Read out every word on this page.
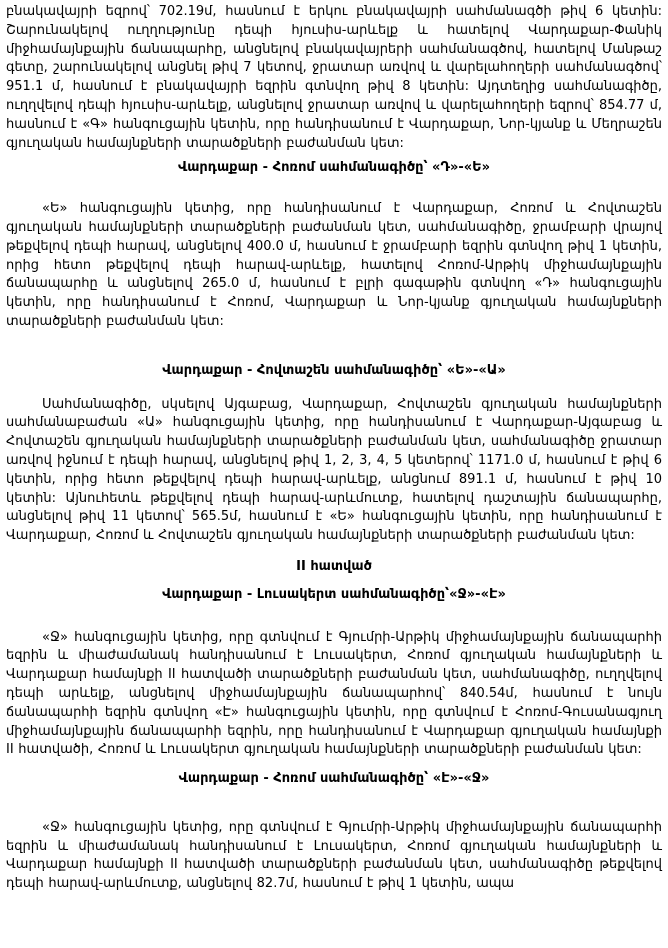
բնակավայրի եզրով՝ 702.19մ, հասնում է երկու բնակավայրի սահմանագծի թիվ 6 կետին: Շարունակելով ուղղությունը դեպի հյուսիս-արևելք և հատելով Վարդաքար-Փանիկ միջհամայնքային ճանապարհը, անցնելով բնակավայրերի սահմանագծով, հատելով Մանթաշ գետը, շարունակելով անցնել թիվ 7 կետով, ջրատար առվով և վարելահողերի սահմանագծով՝ 951.1 մ, հասնում է բնակավայրի եզրին գտնվող թիվ 8 կետին: Այդտեղից սահմանագիծը, ուղղվելով դեպի հյուսիս-արևելք, անցնելով ջրատար առվով և վարելահողերի եզրով՝ 854.77 մ, հասնում է «Գ» հանգուցային կետին, որը հանդիսանում է Վարդաքար, Նոր-կյանք և Մեղրաշեն գյուղական համայնքների տարածքների բաժանման կետ:

Վարդաքար - Հոռոմ սահմանագիծը՝ «Դ»-«Ե»

«Ե» հանգուցային կետից, որը հանդիսանում է Վարդաքար, Հոռոմ և Հովտաշեն գյուղական համայնքների տարածքների բաժանման կետ, սահմանագիծը, ջրամբարի վրայով թեքվելով դեպի հարավ, անցնելով 400.0 մ, հասնում է ջրամբարի եզրին գտնվող թիվ 1 կետին, որից հետո թեքվելով դեպի հարավ-արևելք, հատելով Հոռոմ-Արթիկ միջհամայնքային ճանապարհը և անցնելով 265.0 մ, հասնում է բլրի գագաթին գտնվող «Դ» հանգուցային կետին, որը հանդիսանում է Հոռոմ, Վարդաքար և Նոր-կյանք գյուղական համայնքների տարածքների բաժանման կետ:

Վարդաքար - Հովտաշեն սահմանագիծը՝ «Ե»-«Ա»

Սահմանագիծը, սկսելով Այգաբաց, Վարդաքար, Հովտաշեն գյուղական համայնքների սահմանաբաժան «Ա» հանգուցային կետից, որը հանդիսանում է Վարդաքար-Այգաբաց և Հովտաշեն գյուղական համայնքների տարածքների բաժանման կետ, սահմանագիծը ջրատար առվով իջնում է դեպի հարավ, անցնելով թիվ 1, 2, 3, 4, 5 կետերով՝ 1171.0 մ, հասնում է թիվ 6 կետին, որից հետո թեքվելով դեպի հարավ-արևելք, անցնում 891.1 մ, հասնում է թիվ 10 կետին: Այնուհետև թեքվելով դեպի հարավ-արևմուտք, հատելով դաշտային ճանապարհը, անցնելով թիվ 11 կետով՝ 565.5մ, հասնում է «Ե» հանգուցային կետին, որը հանդիսանում է Վարդաքար, Հոռոմ և Հովտաշեն գյուղական համայնքների տարածքների բաժանման կետ:

II հատված
Վարդաքար - Լուսակերտ սահմանագիծը՝«Ջ»-«Է»

«Ջ» հանգուցային կետից, որը գտնվում է Գյումրի-Արթիկ միջհամայնքային ճանապարհի եզրին և միաժամանակ հանդիսանում է Լուսակերտ, Հոռոմ գյուղական համայնքների և Վարդաքար համայնքի II հատվածի տարածքների բաժանման կետ, սահմանագիծը, ուղղվելով դեպի արևելք, անցնելով միջհամայնքային ճանապարհով՝ 840.54մ, հասնում է նույն ճանապարհի եզրին գտնվող «Է» հանգուցային կետին, որը գտնվում է Հոռոմ-Գուսանագյուղ միջհամայնքային ճանապարհի եզրին, որը հանդիսանում է Վարդաքար գյուղական համայնքի II հատվածի, Հոռոմ և Լուսակերտ գյուղական համայնքների տարածքների բաժանման կետ:

Վարդաքար - Հոռոմ սահմանագիծը՝ «Է»-«Ջ»

«Ջ» հանգուցային կետից, որը գտնվում է Գյումրի-Արթիկ միջհամայնքային ճանապարհի եզրին և միաժամանակ հանդիսանում է Լուսակերտ, Հոռոմ գյուղական համայնքների և Վարդաքար համայնքի II հատվածի տարածքների բաժանման կետ, սահմանագիծը թեքվելով դեպի հարավ-արևմուտք, անցնելով 82.7մ, հասնում է թիվ 1 կետին, ապա
